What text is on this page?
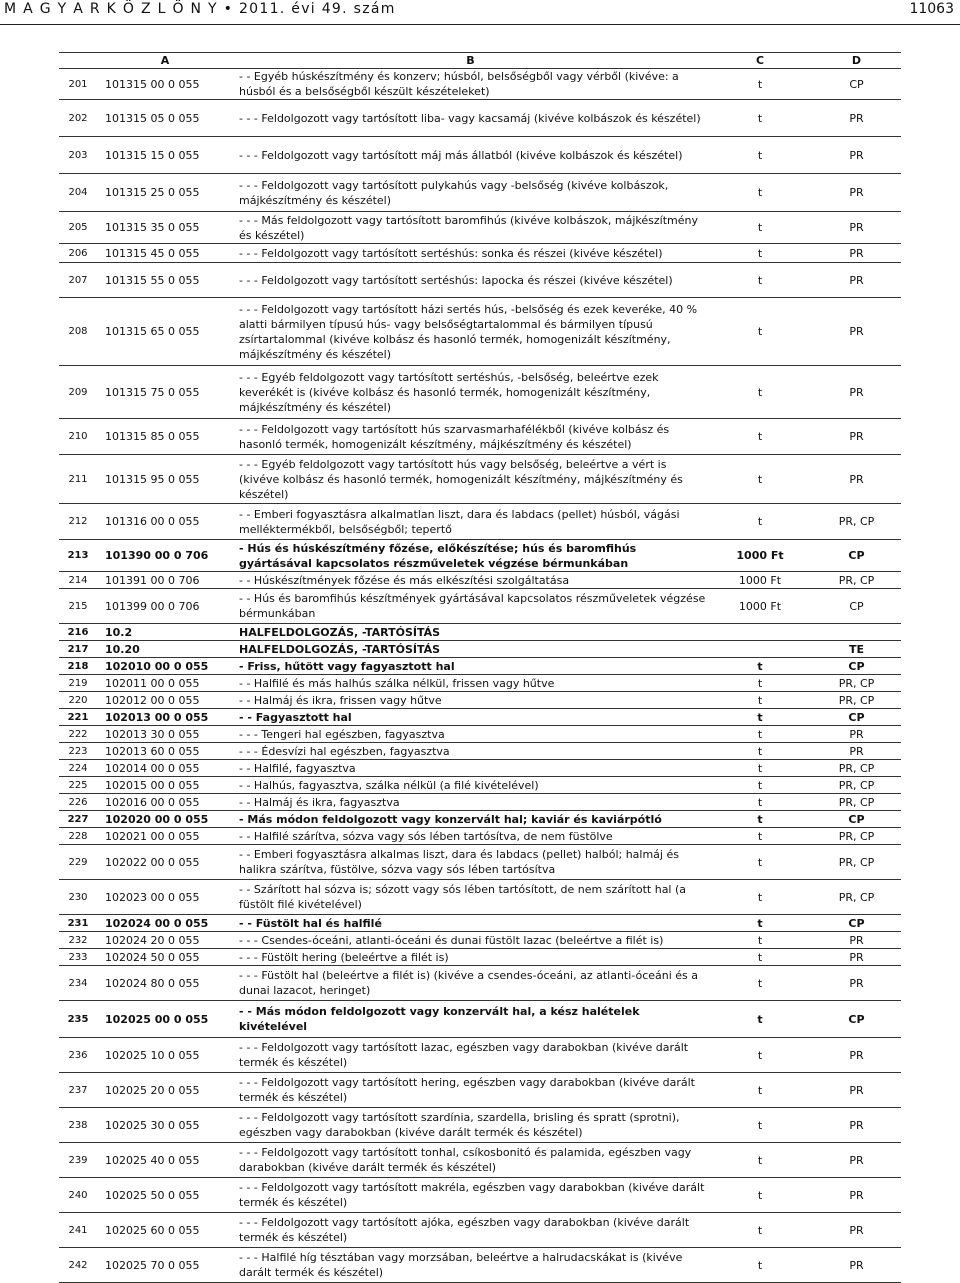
M A G Y A R K Ö Z L Ö N Y • 2011. évi 49. szám	11063
	A	B	C	D
201	101315 00 0 055	- - Egyéb húskészítmény és konzerv; húsból, belsőségből vagy vérből (kivéve: a húsból és a belsőségből készült készételeket)	t	CP
202	101315 05 0 055	- - - Feldolgozott vagy tartósított liba- vagy kacsamáj (kivéve kolbászok és készétel)	t	PR
203	101315 15 0 055	- - - Feldolgozott vagy tartósított máj más állatból (kivéve kolbászok és készétel)	t	PR
204	101315 25 0 055	- - - Feldolgozott vagy tartósított pulykahús vagy -belsőség (kivéve kolbászok, májkészítmény és készétel)	t	PR
205	101315 35 0 055	- - - Más feldolgozott vagy tartósított baromfihús (kivéve kolbászok, májkészítmény és készétel)	t	PR
206	101315 45 0 055	- - - Feldolgozott vagy tartósított sertéshús: sonka és részei (kivéve készétel)	t	PR
207	101315 55 0 055	- - - Feldolgozott vagy tartósított sertéshús: lapocka és részei (kivéve készétel)	t	PR
208	101315 65 0 055	- - - Feldolgozott vagy tartósított házi sertés hús, -belsőség és ezek keveréke, 40 % alatti bármilyen típusú hús- vagy belsőségtartalommal és bármilyen típusú zsírtartalommal (kivéve kolbász és hasonló termék, homogenizált készítmény, májkészítmény és készétel)	t	PR
209	101315 75 0 055	- - - Egyéb feldolgozott vagy tartósított sertéshús, -belsőség, beleértve ezek keverékét is (kivéve kolbász és hasonló termék, homogenizált készítmény, májkészítmény és készétel)	t	PR
210	101315 85 0 055	- - - Feldolgozott vagy tartósított hús szarvasmarhafélékből (kivéve kolbász és hasonló termék, homogenizált készítmény, májkészítmény és készétel)	t	PR
211	101315 95 0 055	- - - Egyéb feldolgozott vagy tartósított hús vagy belsőség, beleértve a vért is (kivéve kolbász és hasonló termék, homogenizált készítmény, májkészítmény és készétel)	t	PR
212	101316 00 0 055	- - Emberi fogyasztásra alkalmatlan liszt, dara és labdacs (pellet) húsból, vágási melléktermékből, belsőségből; tepertő	t	PR, CP
213	101390 00 0 706	- Hús és húskészítmény főzése, előkészítése; hús és baromfihús gyártásával kapcsolatos részműveletek végzése bérmunkában	1000 Ft	CP
214	101391 00 0 706	- - Húskészítmények főzése és más elkészítési szolgáltatása	1000 Ft	PR, CP
215	101399 00 0 706	- - Hús és baromfihús készítmények gyártásával kapcsolatos részműveletek végzése bérmunkában	1000 Ft	CP
216	10.2	HALFELDOLGOZÁS, -TARTÓSÍTÁS		
217	10.20	HALFELDOLGOZÁS, -TARTÓSÍTÁS		TE
218	102010 00 0 055	- Friss, hűtött vagy fagyasztott hal	t	CP
219	102011 00 0 055	- - Halfilé és más halhús szálka nélkül, frissen vagy hűtve	t	PR, CP
220	102012 00 0 055	- - Halmáj és ikra, frissen vagy hűtve	t	PR, CP
221	102013 00 0 055	- - Fagyasztott hal	t	CP
222	102013 30 0 055	- - - Tengeri hal egészben, fagyasztva	t	PR
223	102013 60 0 055	- - - Édesvízi hal egészben, fagyasztva	t	PR
224	102014 00 0 055	- - Halfilé, fagyasztva	t	PR, CP
225	102015 00 0 055	- - Halhús, fagyasztva, szálka nélkül (a filé kivételével)	t	PR, CP
226	102016 00 0 055	- - Halmáj és ikra, fagyasztva	t	PR, CP
227	102020 00 0 055	- Más módon feldolgozott vagy konzervált hal; kaviár és kaviárpótló	t	CP
228	102021 00 0 055	- - Halfilé szárítva, sózva vagy sós lében tartósítva, de nem füstölve	t	PR, CP
229	102022 00 0 055	- - Emberi fogyasztásra alkalmas liszt, dara és labdacs (pellet) halból; halmáj és halikra szárítva, füstölve, sózva vagy sós lében tartósítva	t	PR, CP
230	102023 00 0 055	- - Szárított hal sózva is; sózott vagy sós lében tartósított, de nem szárított hal (a füstölt filé kivételével)	t	PR, CP
231	102024 00 0 055	- - Füstölt hal és halfilé	t	CP
232	102024 20 0 055	- - - Csendes-óceáni, atlanti-óceáni és dunai füstölt lazac (beleértve a filét is)	t	PR
233	102024 50 0 055	- - - Füstölt hering (beleértve a filét is)	t	PR
234	102024 80 0 055	- - - Füstölt hal (beleértve a filét is) (kivéve a csendes-óceáni, az atlanti-óceáni és a dunai lazacot, heringet)	t	PR
235	102025 00 0 055	- - Más módon feldolgozott vagy konzervált hal, a kész halételek kivételével	t	CP
236	102025 10 0 055	- - - Feldolgozott vagy tartósított lazac, egészben vagy darabokban (kivéve darált termék és készétel)	t	PR
237	102025 20 0 055	- - - Feldolgozott vagy tartósított hering, egészben vagy darabokban (kivéve darált termék és készétel)	t	PR
238	102025 30 0 055	- - - Feldolgozott vagy tartósított szardínia, szardella, brisling és spratt (sprotni), egészben vagy darabokban (kivéve darált termék és készétel)	t	PR
239	102025 40 0 055	- - - Feldolgozott vagy tartósított tonhal, csíkosbonitó és palamida, egészben vagy darabokban (kivéve darált termék és készétel)	t	PR
240	102025 50 0 055	- - - Feldolgozott vagy tartósított makréla, egészben vagy darabokban (kivéve darált termék és készétel)	t	PR
241	102025 60 0 055	- - - Feldolgozott vagy tartósított ajóka, egészben vagy darabokban (kivéve darált termék és készétel)	t	PR
242	102025 70 0 055	- - - Halfilé híg tésztában vagy morzsában, beleértve a halrudacskákat is (kivéve darált termék és készétel)	t	PR
